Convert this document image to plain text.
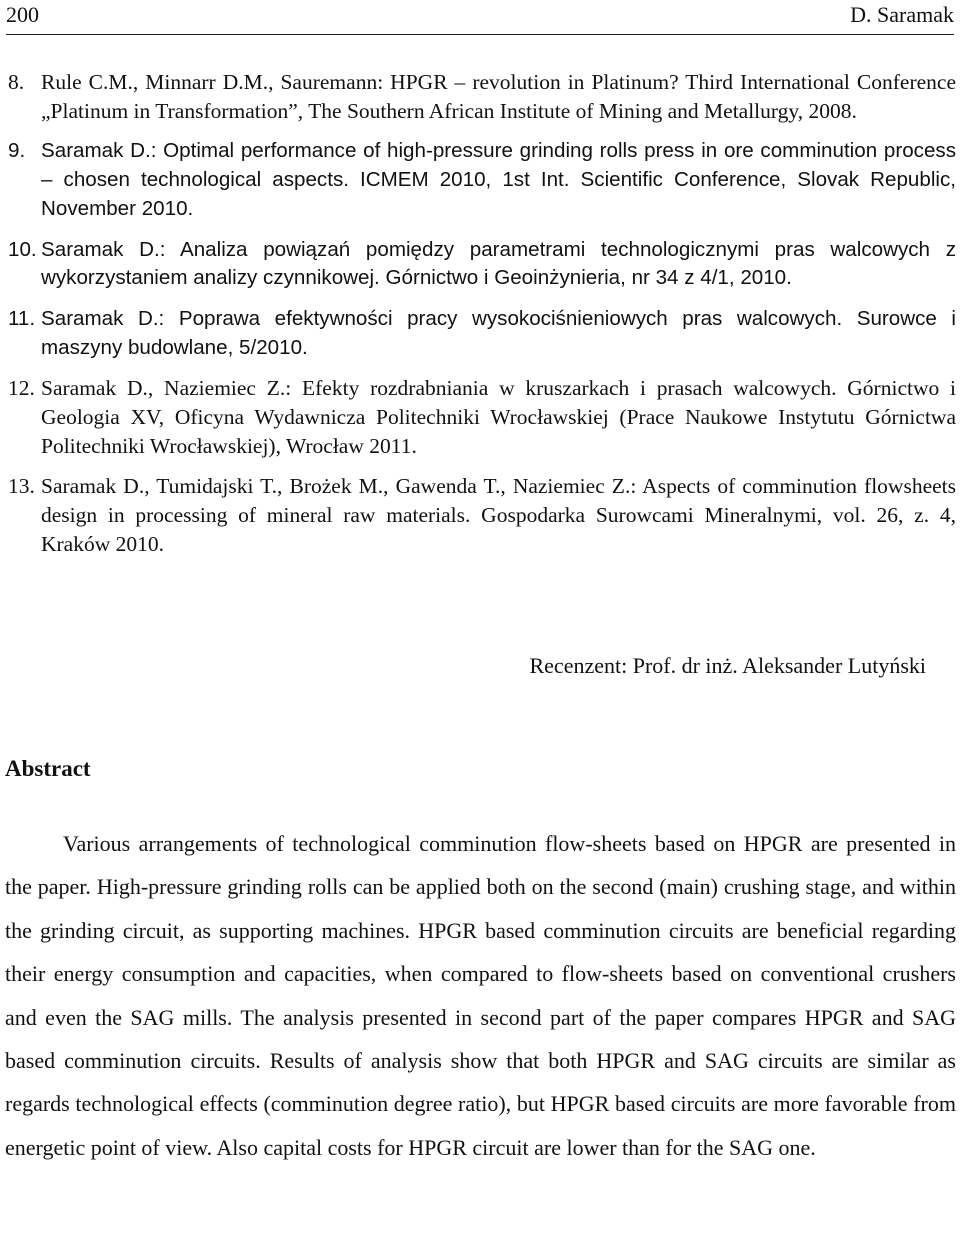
200	D. Saramak
8. Rule C.M., Minnarr D.M., Sauremann: HPGR – revolution in Platinum? Third International Conference „Platinum in Transformation”, The Southern African Institute of Mining and Metallurgy, 2008.
9. Saramak D.: Optimal performance of high-pressure grinding rolls press in ore comminution process – chosen technological aspects. ICMEM 2010, 1st Int. Scientific Conference, Slovak Republic, November 2010.
10. Saramak D.: Analiza powiązań pomiędzy parametrami technologicznymi pras walcowych z wykorzystaniem analizy czynnikowej. Górnictwo i Geoinżynieria, nr 34 z 4/1, 2010.
11. Saramak D.: Poprawa efektywności pracy wysokociśnieniowych pras walcowych. Surowce i maszyny budowlane, 5/2010.
12. Saramak D., Naziemiec Z.: Efekty rozdrabniania w kruszarkach i prasach walcowych. Górnictwo i Geologia XV, Oficyna Wydawnicza Politechniki Wrocławskiej (Prace Naukowe Instytutu Górnictwa Politechniki Wrocławskiej), Wrocław 2011.
13. Saramak D., Tumidajski T., Brożek M., Gawenda T., Naziemiec Z.: Aspects of comminution flowsheets design in processing of mineral raw materials. Gospodarka Surowcami Mineralnymi, vol. 26, z. 4, Kraków 2010.
Recenzent: Prof. dr inż. Aleksander Lutyński
Abstract

Various arrangements of technological comminution flow-sheets based on HPGR are presented in the paper. High-pressure grinding rolls can be applied both on the second (main) crushing stage, and within the grinding circuit, as supporting machines. HPGR based comminution circuits are beneficial regarding their energy consumption and capacities, when compared to flow-sheets based on conventional crushers and even the SAG mills. The analysis presented in second part of the paper compares HPGR and SAG based comminution circuits. Results of analysis show that both HPGR and SAG circuits are similar as regards technological effects (comminution degree ratio), but HPGR based circuits are more favorable from energetic point of view. Also capital costs for HPGR circuit are lower than for the SAG one.
